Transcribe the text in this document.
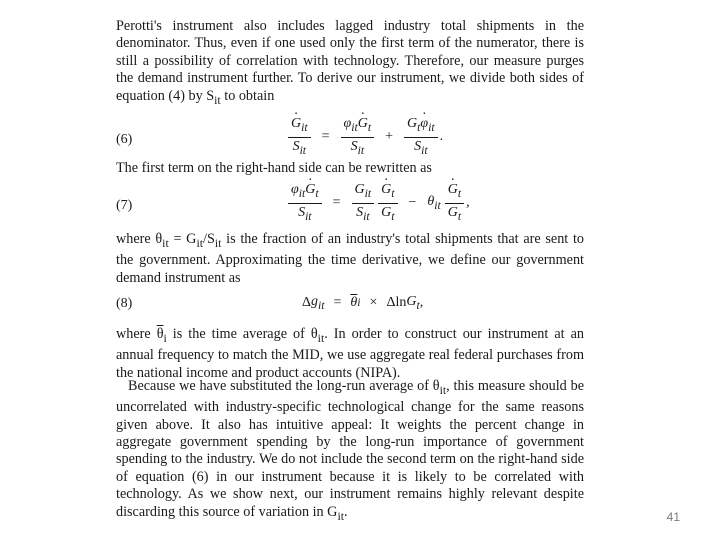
Perotti's instrument also includes lagged industry total shipments in the denominator. Thus, even if one used only the first term of the numerator, there is still a possibility of correlation with technology. Therefore, our measure purges the demand instrument further. To derive our instrument, we divide both sides of equation (4) by $S_{it}$ to obtain

(6)	· $\frac{G_{it}}{S_{it}} = \frac{\varphi_{it}\cdot G_t}{S_{it}} + \frac{G_t\cdot \varphi_{it}}{S_{it}}$ .

The first term on the right-hand side can be rewritten as

(7)	$\frac{\varphi_{it}\cdot G_t}{S_{it}} = \frac{G_{it}}{S_{it}} \cdot \frac{G_t}{G_t} - \theta_{it} \cdot \frac{G_t}{G_t}$ ,

where $\theta_{it} = G_{it}/S_{it}$ is the fraction of an industry's total shipments that are sent to the government. Approximating the time derivative, we define our government demand instrument as

(8)	Δ $g_{it} = \overline{\theta}$ i × Δln $G_t$ ,

where $\overline{\theta}_i$ is the time average of $\theta_{it}$. In order to construct our instrument at an annual frequency to match the MID, we use aggregate real federal purchases from the national income and product accounts (NIPA).

Because we have substituted the long-run average of $\theta_{it}$, this measure should be uncorrelated with industry-specific technological change for the same reasons given above. It also has intuitive appeal: It weights the percent change in aggregate government spending by the long-run importance of government spending to the industry. We do not include the second term on the right-hand side of equation (6) in our instrument because it is likely to be correlated with technology. As we show next, our instrument remains highly relevant despite discarding this source of variation in $G_{it}$.	41
